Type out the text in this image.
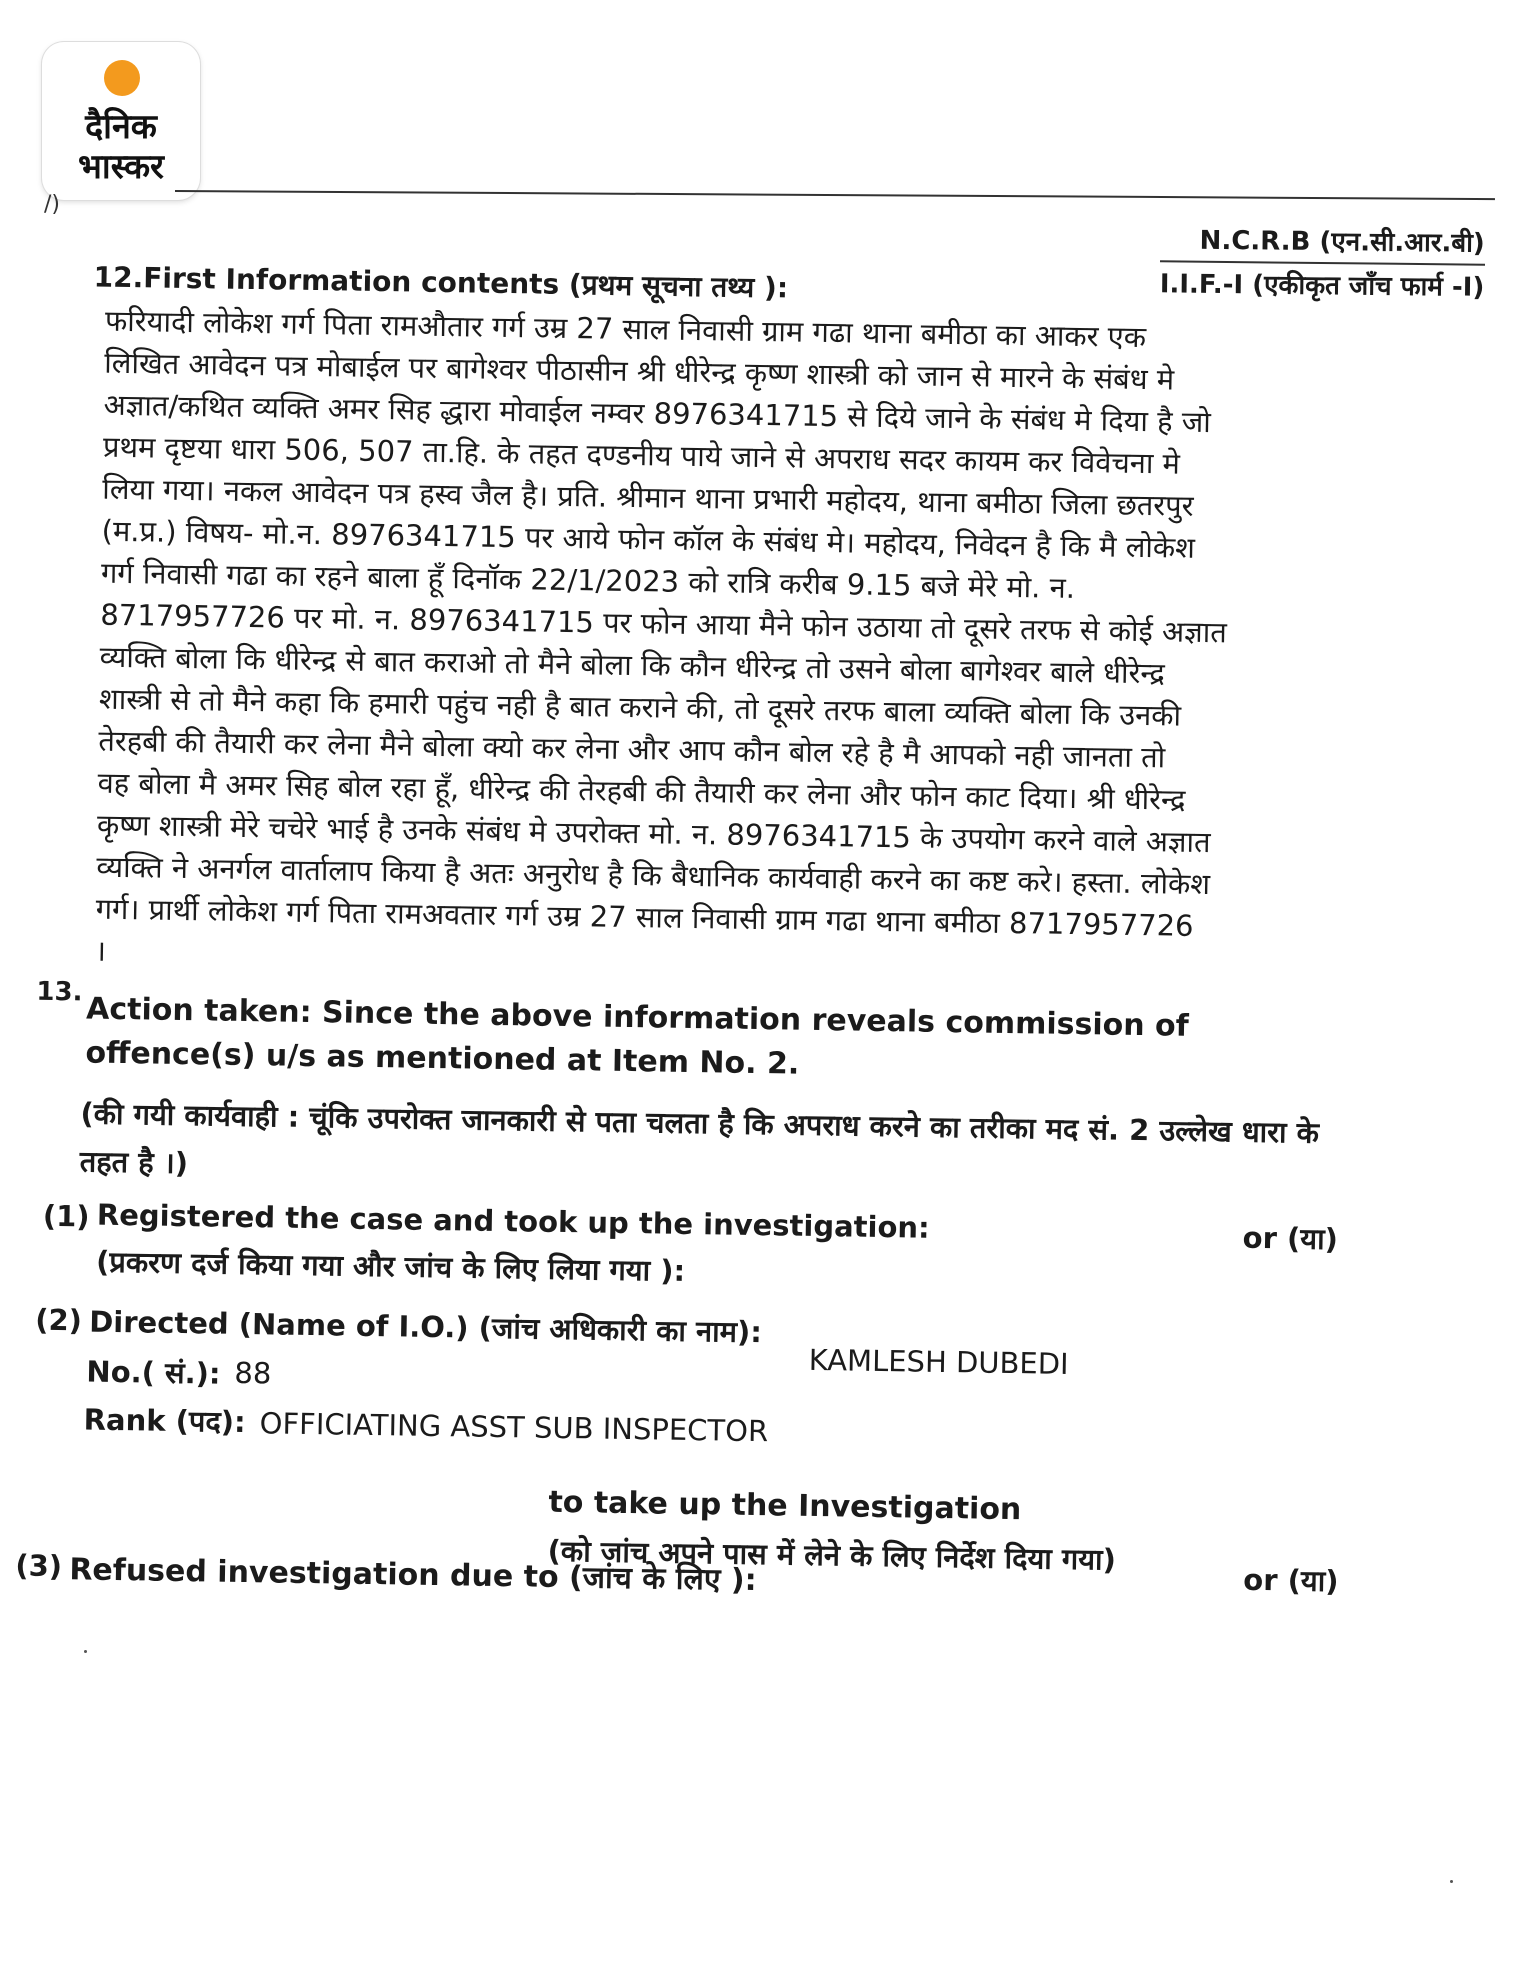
दैनिक
भास्कर
/)
N.C.R.B (एन.सी.आर.बी)
I.I.F.-I (एकीकृत जाँच फार्म -I)
12.First Information contents (प्रथम सूचना तथ्य ):
फरियादी लोकेश गर्ग पिता रामऔतार गर्ग उम्र 27 साल निवासी ग्राम गढा थाना बमीठा का आकर एक
लिखित आवेदन पत्र मोबाईल पर बागेश्वर पीठासीन श्री धीरेन्द्र कृष्ण शास्त्री को जान से मारने के संबंध मे
अज्ञात/कथित व्यक्ति अमर सिह द्धारा मोवाईल नम्वर 8976341715 से दिये जाने के संबंध मे दिया है जो
प्रथम दृष्टया धारा 506, 507 ता.हि. के तहत दण्डनीय पाये जाने से अपराध सदर कायम कर विवेचना मे
लिया गया। नकल आवेदन पत्र हस्व जैल है। प्रति. श्रीमान थाना प्रभारी महोदय, थाना बमीठा जिला छतरपुर
(म.प्र.) विषय- मो.न. 8976341715 पर आये फोन कॉल के संबंध मे। महोदय, निवेदन है कि मै लोकेश
गर्ग निवासी गढा का रहने बाला हूँ दिनॉक 22/1/2023 को रात्रि करीब 9.15 बजे मेरे मो. न.
8717957726 पर मो. न. 8976341715 पर फोन आया मैने फोन उठाया तो दूसरे तरफ से कोई अज्ञात
व्यक्ति बोला कि धीरेन्द्र से बात कराओ तो मैने बोला कि कौन धीरेन्द्र तो उसने बोला बागेश्वर बाले धीरेन्द्र
शास्त्री से तो मैने कहा कि हमारी पहुंच नही है बात कराने की, तो दूसरे तरफ बाला व्यक्ति बोला कि उनकी
तेरहबी की तैयारी कर लेना मैने बोला क्यो कर लेना और आप कौन बोल रहे है मै आपको नही जानता तो
वह बोला मै अमर सिह बोल रहा हूँ, धीरेन्द्र की तेरहबी की तैयारी कर लेना और फोन काट दिया। श्री धीरेन्द्र
कृष्ण शास्त्री मेरे चचेरे भाई है उनके संबंध मे उपरोक्त मो. न. 8976341715 के उपयोग करने वाले अज्ञात
व्यक्ति ने अनर्गल वार्तालाप किया है अतः अनुरोध है कि बैधानिक कार्यवाही करने का कष्ट करे। हस्ता. लोकेश
गर्ग। प्रार्थी लोकेश गर्ग पिता रामअवतार गर्ग उम्र 27 साल निवासी ग्राम गढा थाना बमीठा 8717957726
।
13. Action taken: Since the above information reveals commission of offence(s) u/s as mentioned at Item No. 2.
(की गयी कार्यवाही : चूंकि उपरोक्त जानकारी से पता चलता है कि अपराध करने का तरीका मद सं. 2 उल्लेख धारा के तहत है ।)
(1) Registered the case and took up the investigation:
(प्रकरण दर्ज किया गया और जांच के लिए लिया गया ):
or (या)
(2) Directed (Name of I.O.) (जांच अधिकारी का नाम):
KAMLESH DUBEDI
No.( सं.): 88
Rank (पद): OFFICIATING ASST SUB INSPECTOR
to take up the Investigation
(को जांच अपने पास में लेने के लिए निर्देश दिया गया)
or (या)
(3) Refused investigation due to (जांच के लिए ):
